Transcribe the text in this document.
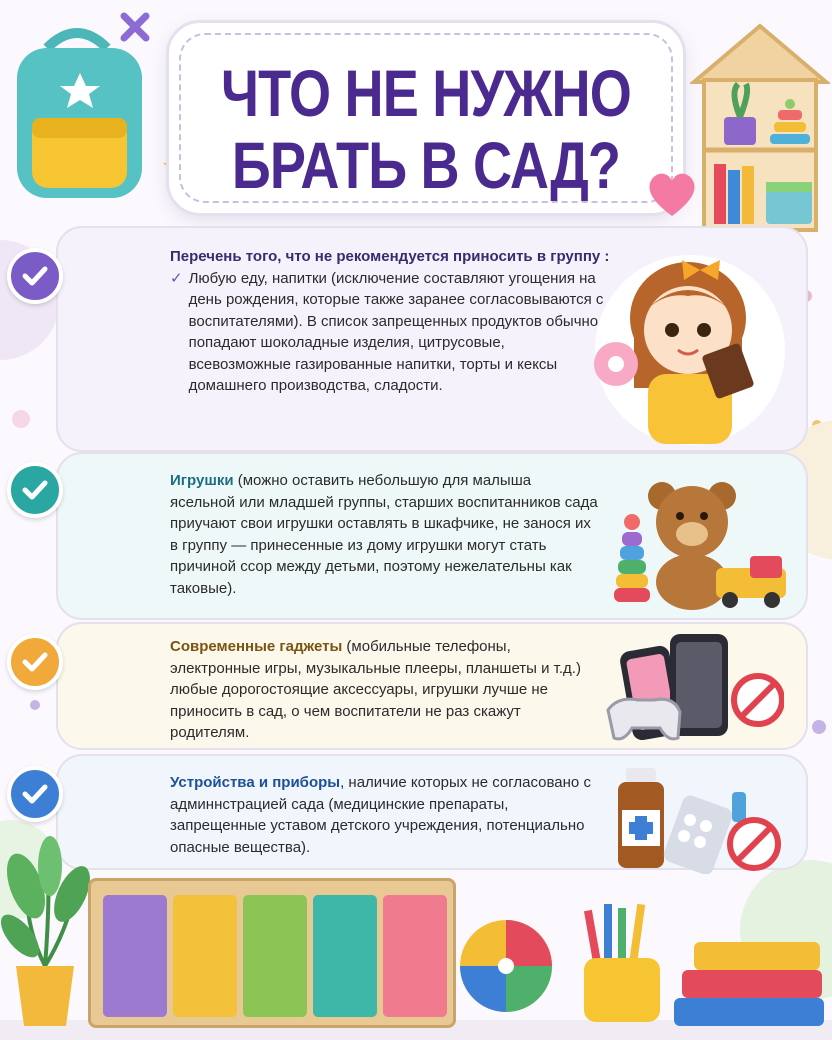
ЧТО НЕ НУЖНО
БРАТЬ В САД?
Перечень того, что не рекомендуется приносить в группу :
✓ Любую еду, напитки (исключение составляют угощения на день рождения, которые также заранее согласовываются с воспитателями). В список запрещенных продуктов обычно попадают шоколадные изделия, цитрусовые, всевозможные газированные напитки, торты и кексы домашнего производства, сладости.
Игрушки (можно оставить небольшую для малыша ясельной или младшей группы, старших воспитанников сада приучают свои игрушки оставлять в шкафчике, не занося их в группу — принесенные из дому игрушки могут стать причиной ссор между детьми, поэтому нежелательны как таковые).
Современные гаджеты (мобильные телефоны, электронные игры, музыкальные плееры, планшеты и т.д.) любые дорогостоящие аксессуары, игрушки лучше не приносить в сад, о чем воспитатели не раз скажут родителям.
Устройства и приборы, наличие которых не согласовано с админнстрацией сада (медицинские препараты, запрещенные уставом детского учреждения, потенциально опасные вещества).
